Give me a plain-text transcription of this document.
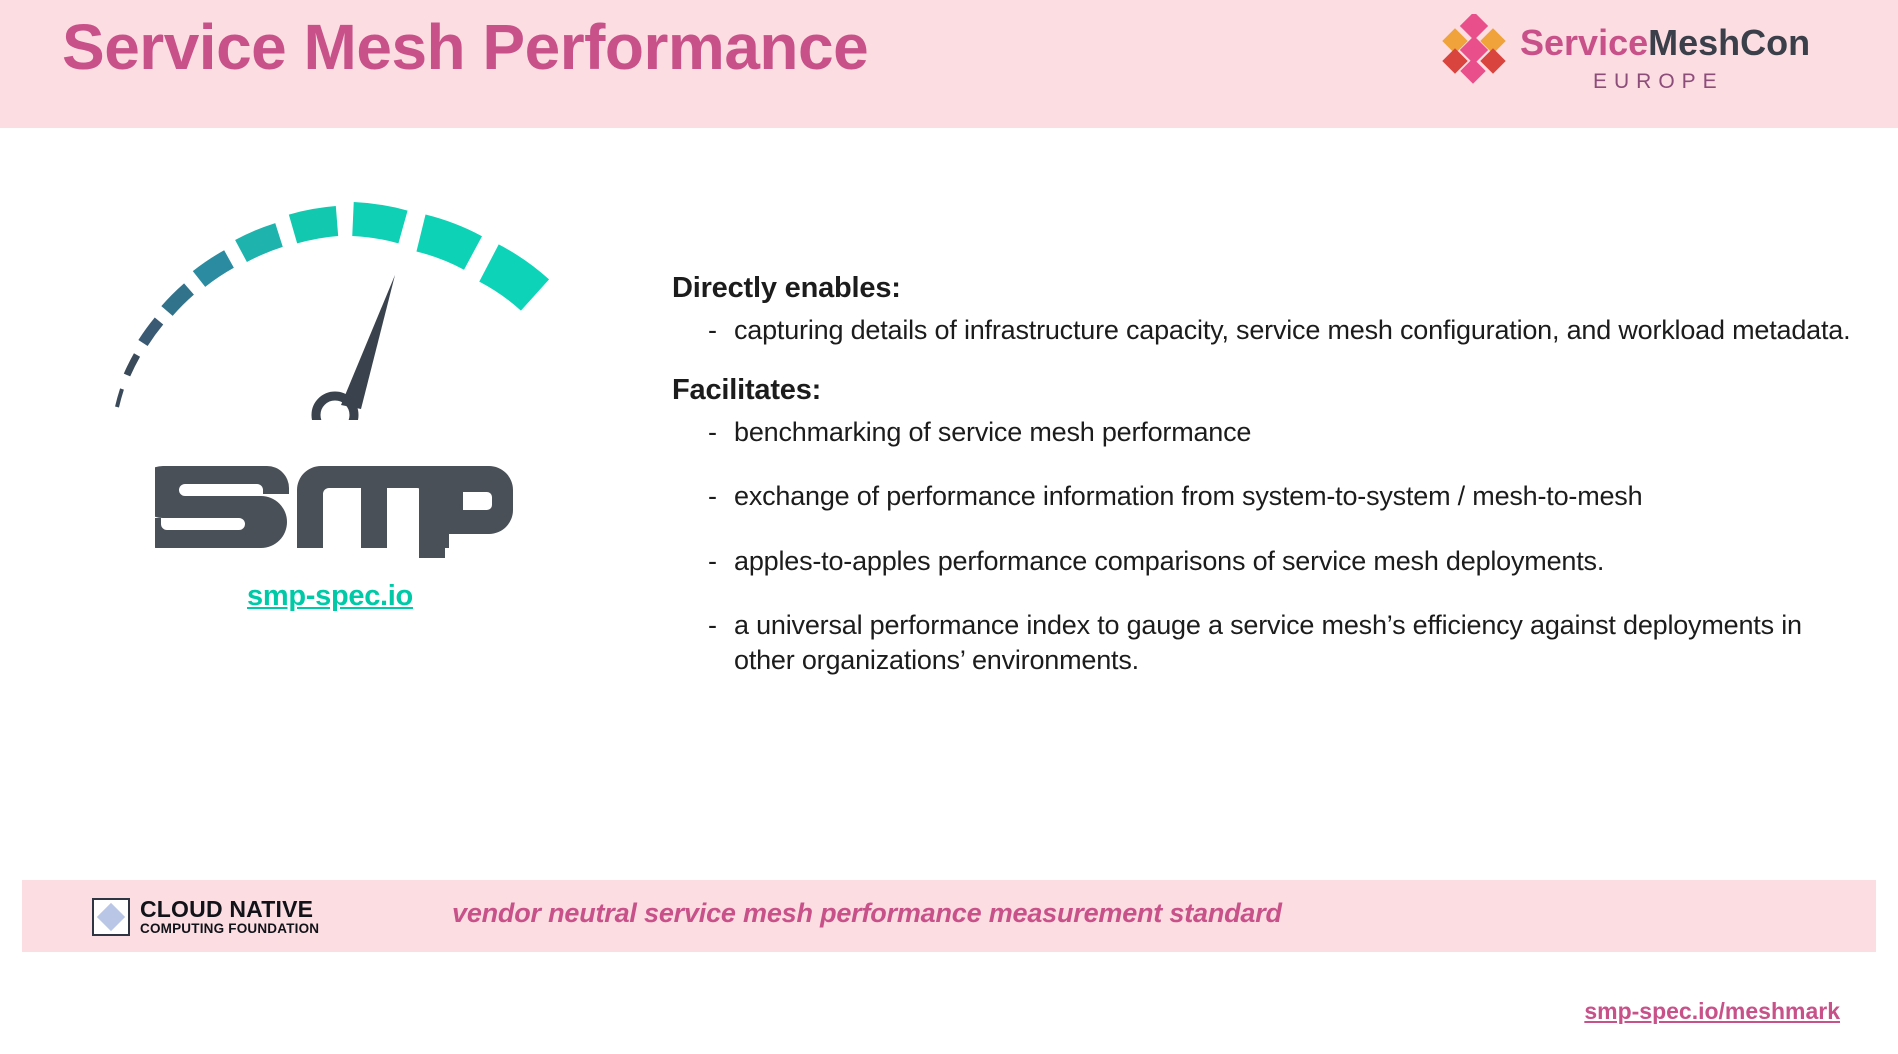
Service Mesh Performance	ServiceMeshCon
EUROPE
smp-spec.io
Directly enables:
- capturing details of infrastructure capacity, service mesh configuration, and workload metadata.
Facilitates:
- benchmarking of service mesh performance
- exchange of performance information from system-to-system / mesh-to-mesh
- apples-to-apples performance comparisons of service mesh deployments.
- a universal performance index to gauge a service mesh’s efficiency against deployments in other organizations’ environments.
CLOUD NATIVE
COMPUTING FOUNDATION
vendor neutral service mesh performance measurement standard
smp-spec.io/meshmark
